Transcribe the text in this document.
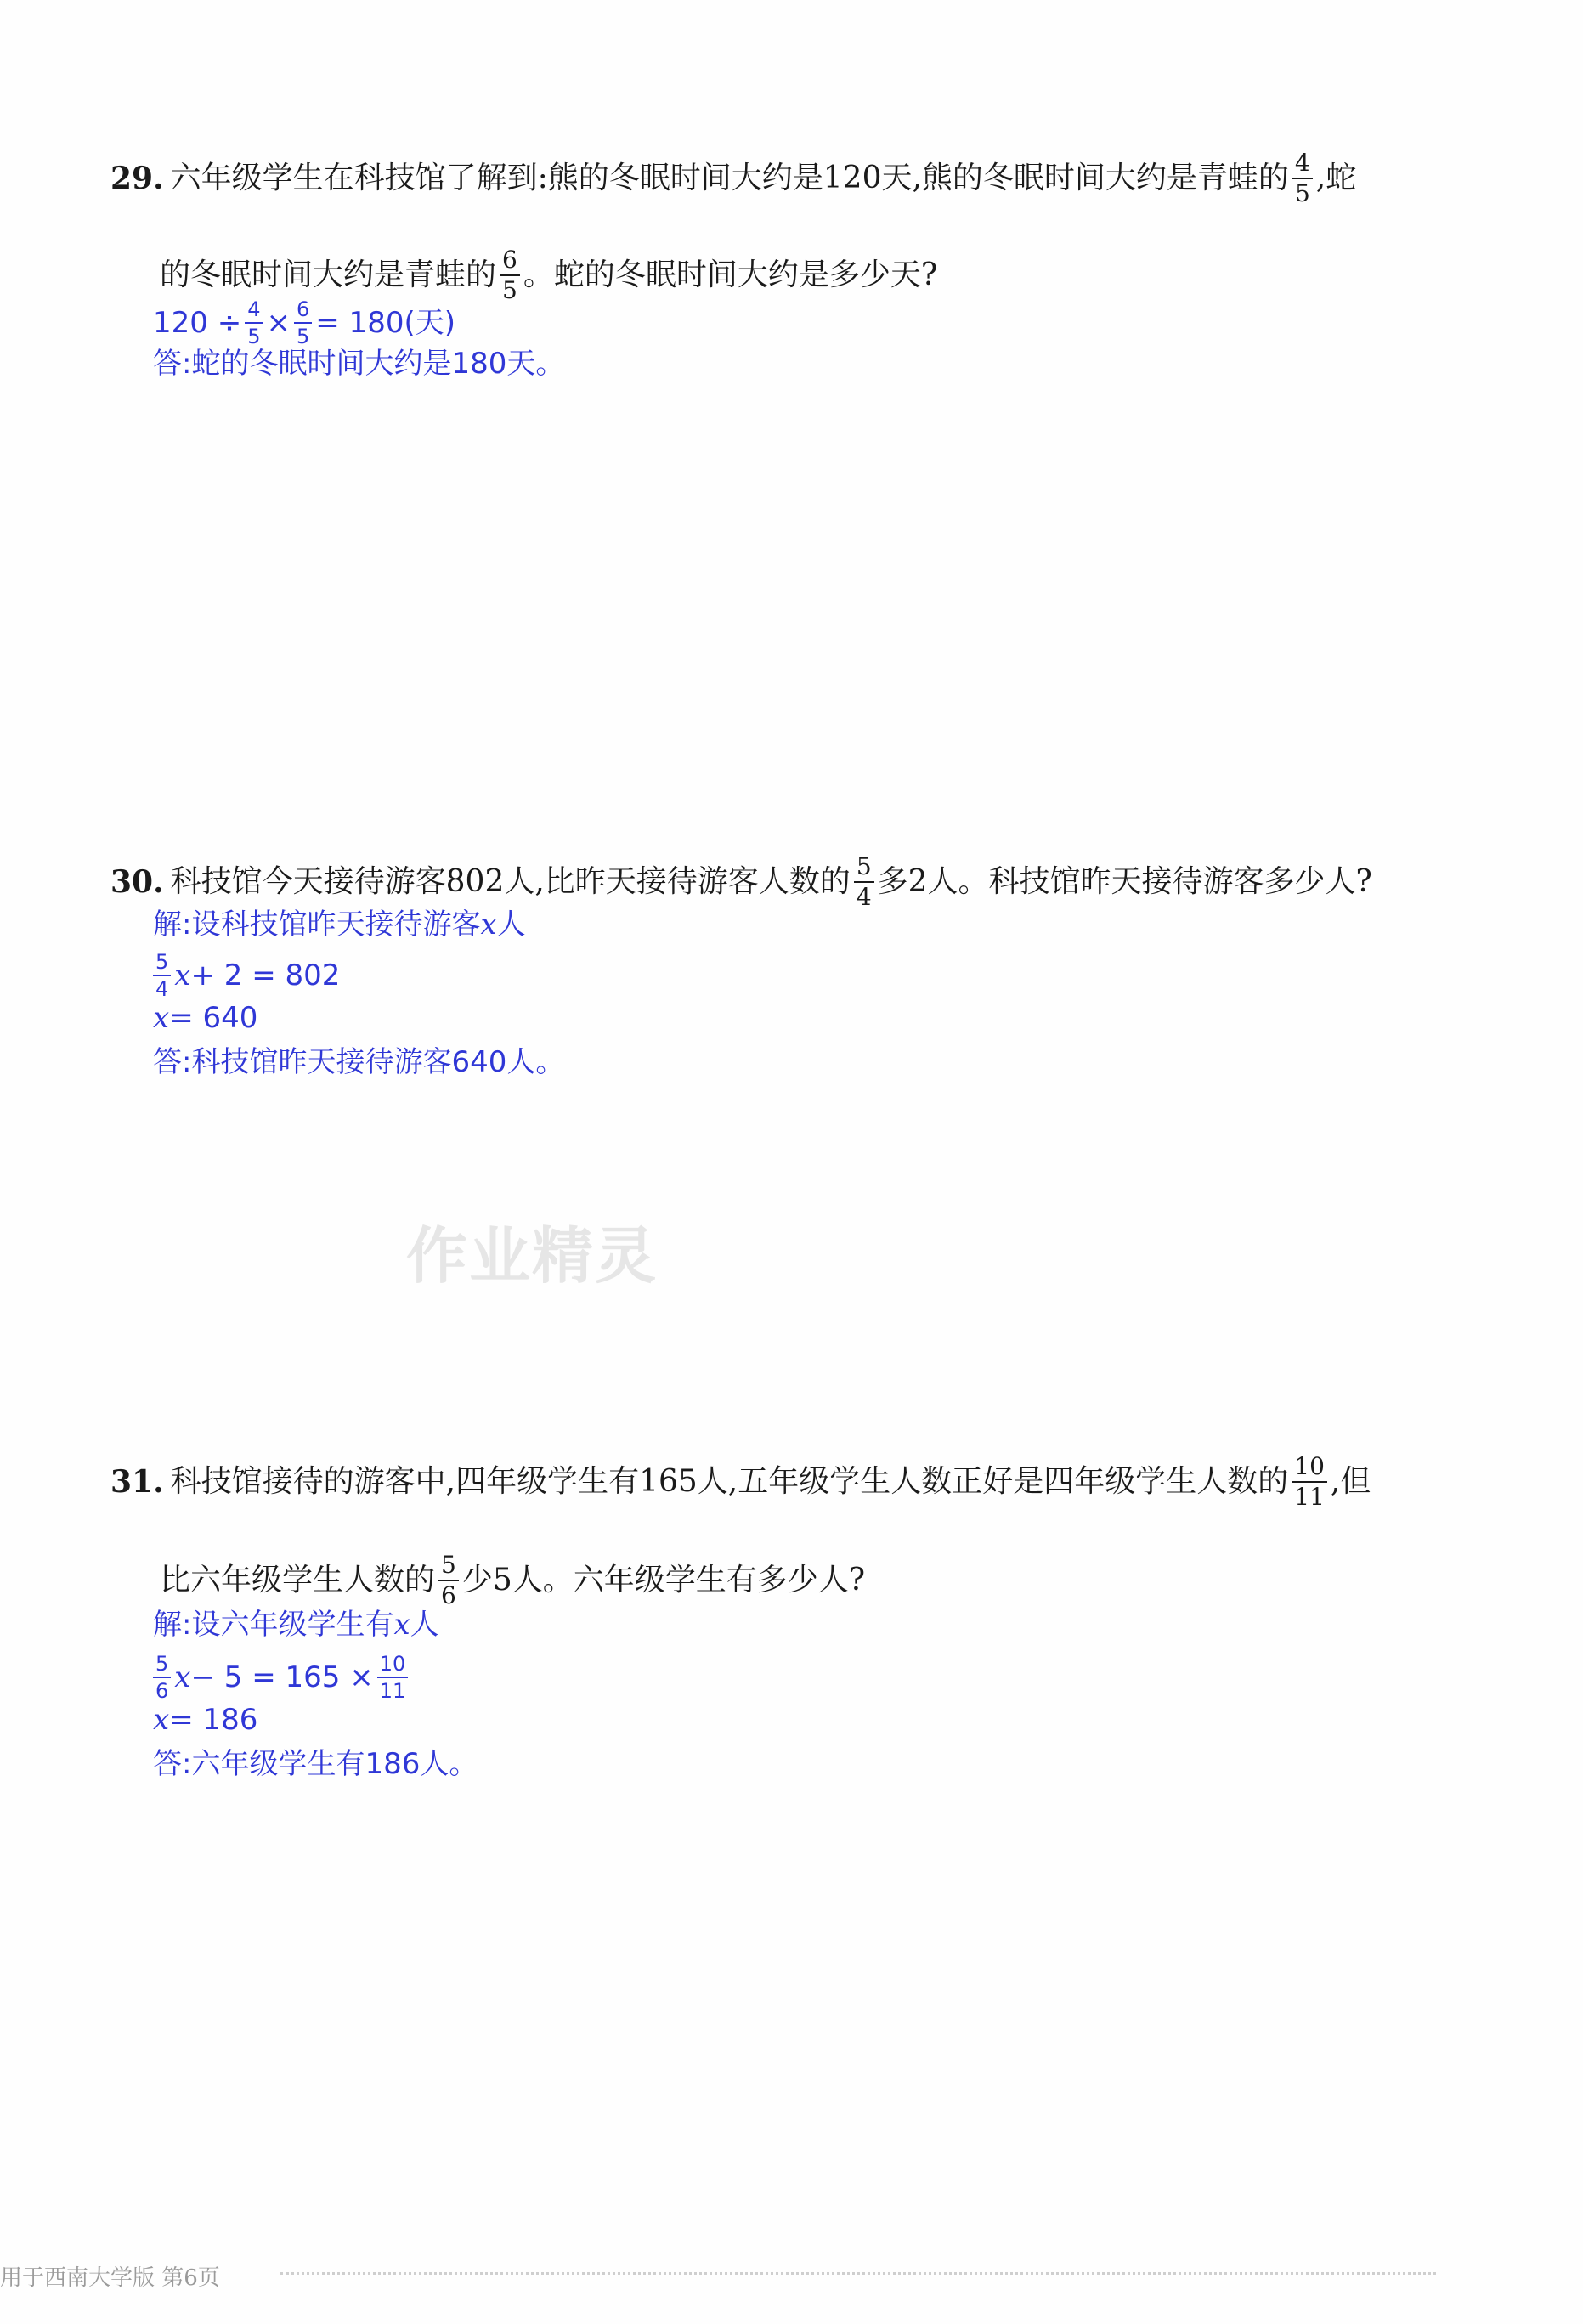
29. 六年级学生在科技馆了解到:熊的冬眠时间大约是120天,熊的冬眠时间大约是青蛙的 $\frac{4}{5}$ ,蛇
的冬眠时间大约是青蛙的 $\frac{6}{5}$ 。蛇的冬眠时间大约是多少天?
$120 \div \frac{4}{5} \times \frac{6}{5} = 180$(天)
答:蛇的冬眠时间大约是180天。
30. 科技馆今天接待游客802人,比昨天接待游客人数的 $\frac{5}{4}$ 多2人。科技馆昨天接待游客多少人?
解:设科技馆昨天接待游客 x 人
$\frac{5}{4}$ x + 2 = 802
x = 640
答:科技馆昨天接待游客640人。
作业精灵
31. 科技馆接待的游客中,四年级学生有165人,五年级学生人数正好是四年级学生人数的 $\frac{10}{11}$ ,但
比六年级学生人数的 $\frac{5}{6}$ 少5人。六年级学生有多少人?
解:设六年级学生有 x 人
$\frac{5}{6}$ $x - 5 = 165 \times \frac{10}{11}$
x = 186
答:六年级学生有186人。
用于西南大学版 第6页
